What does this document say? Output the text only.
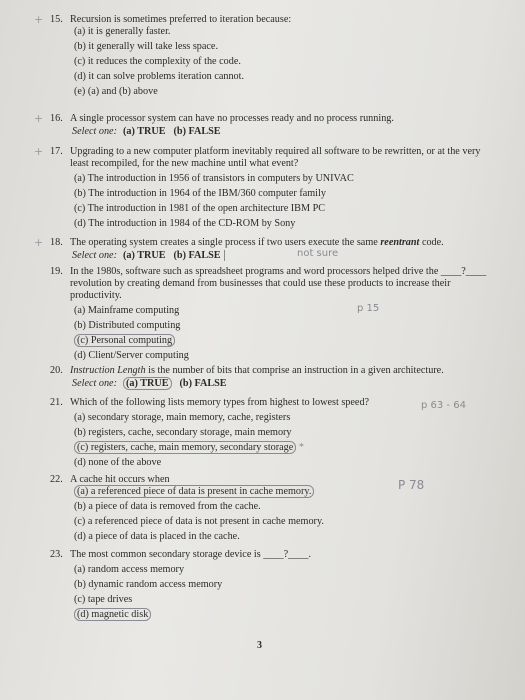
+ 15. Recursion is sometimes preferred to iteration because:
(a) it is generally faster.
(b) it generally will take less space.
(c) it reduces the complexity of the code.
(d) it can solve problems iteration cannot.
(e) (a) and (b) above
+ 16. A single processor system can have no processes ready and no process running.
Select one: (a) TRUE (b) FALSE
+ 17. Upgrading to a new computer platform inevitably required all software to be rewritten, or at the very least recompiled, for the new machine until what event?
(a) The introduction in 1956 of transistors in computers by UNIVAC
(b) The introduction in 1964 of the IBM/360 computer family
(c) The introduction in 1981 of the open architecture IBM PC
(d) The introduction in 1984 of the CD-ROM by Sony
+ 18. The operating system creates a single process if two users execute the same reentrant code.
Select one: (a) TRUE (b) FALSE	not sure
19. In the 1980s, software such as spreadsheet programs and word processors helped drive the ____?____ revolution by creating demand from businesses that could use these products to increase their productivity.
(a) Mainframe computing
(b) Distributed computing
(c) Personal computing
(d) Client/Server computing
p 15
20. Instruction Length is the number of bits that comprise an instruction in a given architecture.
Select one: (a) TRUE (b) FALSE
21. Which of the following lists memory types from highest to lowest speed?
(a) secondary storage, main memory, cache, registers
(b) registers, cache, secondary storage, main memory
(c) registers, cache, main memory, secondary storage *
(d) none of the above
p 63 - 64
22. A cache hit occurs when
(a) a referenced piece of data is present in cache memory.
(b) a piece of data is removed from the cache.
(c) a referenced piece of data is not present in cache memory.
(d) a piece of data is placed in the cache.
P 78
23. The most common secondary storage device is ____?____.
(a) random access memory
(b) dynamic random access memory
(c) tape drives
(d) magnetic disk
3
